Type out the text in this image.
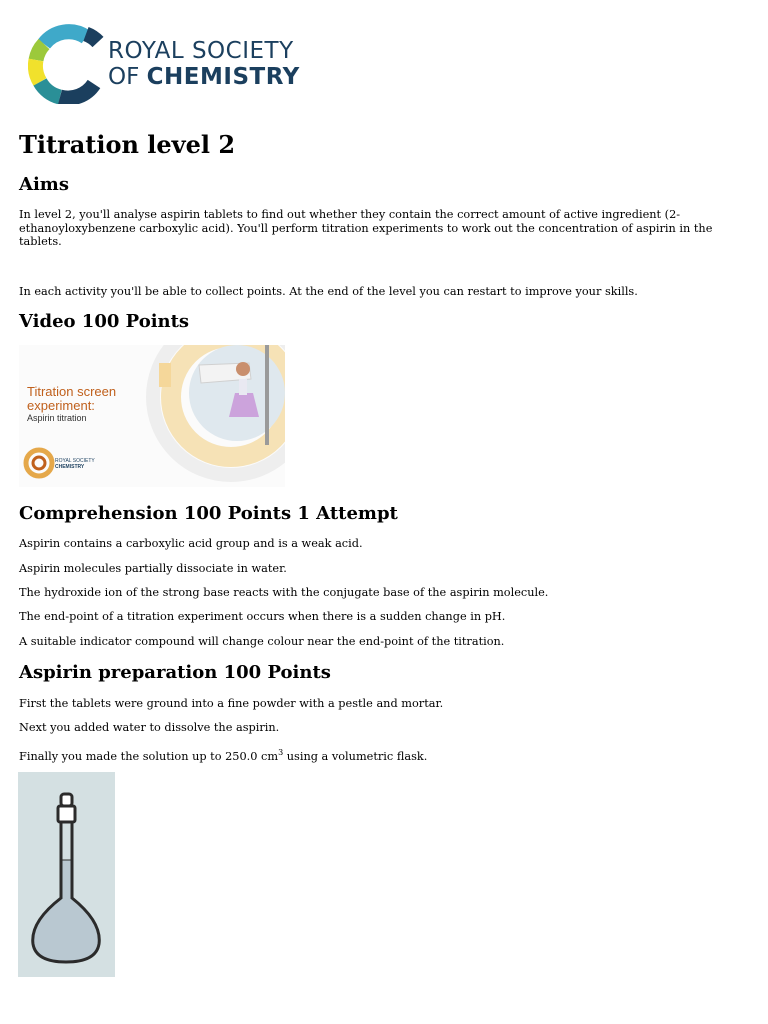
ROYAL SOCIETY
OF CHEMISTRY
Titration level 2
Aims

In level 2, you'll analyse aspirin tablets to find out whether they contain the correct amount of active ingredient (2-ethanoyloxybenzene carboxylic acid). You'll perform titration experiments to work out the concentration of aspirin in the tablets.

In each activity you'll be able to collect points. At the end of the level you can restart to improve your skills.

Video 100 Points
Titration screen
experiment:
Aspirin titration
ROYAL SOCIETY
CHEMISTRY
Comprehension 100 Points 1 Attempt

Aspirin contains a carboxylic acid group and is a weak acid.

Aspirin molecules partially dissociate in water.

The hydroxide ion of the strong base reacts with the conjugate base of the aspirin molecule.

The end-point of a titration experiment occurs when there is a sudden change in pH.

A suitable indicator compound will change colour near the end-point of the titration.

Aspirin preparation 100 Points

First the tablets were ground into a fine powder with a pestle and mortar.

Next you added water to dissolve the aspirin.

Finally you made the solution up to 250.0 $cm^3$ using a volumetric flask.
